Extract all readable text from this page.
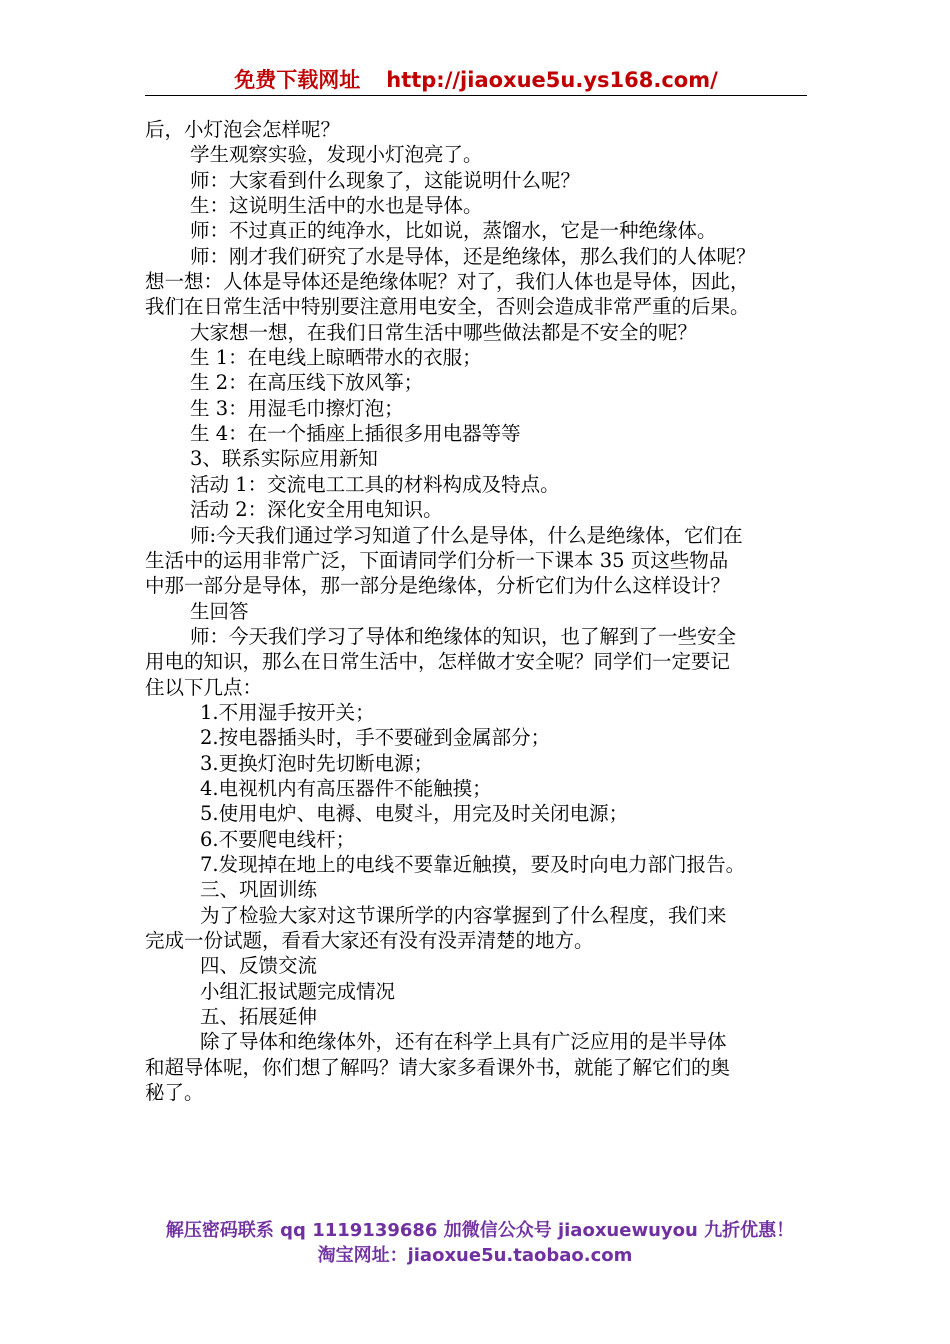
免费下载网址 http://jiaoxue5u.ys168.com/
后，小灯泡会怎样呢？
学生观察实验，发现小灯泡亮了。
师：大家看到什么现象了，这能说明什么呢？
生：这说明生活中的水也是导体。
师：不过真正的纯净水，比如说，蒸馏水，它是一种绝缘体。
师：刚才我们研究了水是导体，还是绝缘体，那么我们的人体呢？
想一想：人体是导体还是绝缘体呢？对了，我们人体也是导体，因此，
我们在日常生活中特别要注意用电安全，否则会造成非常严重的后果。
大家想一想，在我们日常生活中哪些做法都是不安全的呢？
生 1：在电线上晾晒带水的衣服；
生 2：在高压线下放风筝；
生 3：用湿毛巾擦灯泡；
生 4：在一个插座上插很多用电器等等
3、联系实际应用新知
活动 1：交流电工工具的材料构成及特点。
活动 2：深化安全用电知识。
师:今天我们通过学习知道了什么是导体，什么是绝缘体，它们在
生活中的运用非常广泛，下面请同学们分析一下课本 35 页这些物品
中那一部分是导体，那一部分是绝缘体，分析它们为什么这样设计？
生回答
师：今天我们学习了导体和绝缘体的知识，也了解到了一些安全
用电的知识，那么在日常生活中，怎样做才安全呢？同学们一定要记
住以下几点：
1.不用湿手按开关；
2.按电器插头时，手不要碰到金属部分；
3.更换灯泡时先切断电源；
4.电视机内有高压器件不能触摸；
5.使用电炉、电褥、电熨斗，用完及时关闭电源；
6.不要爬电线杆；
7.发现掉在地上的电线不要靠近触摸，要及时向电力部门报告。
三、巩固训练
为了检验大家对这节课所学的内容掌握到了什么程度，我们来
完成一份试题，看看大家还有没有没弄清楚的地方。
四、反馈交流
小组汇报试题完成情况
五、拓展延伸
除了导体和绝缘体外，还有在科学上具有广泛应用的是半导体
和超导体呢，你们想了解吗？请大家多看课外书，就能了解它们的奥
秘了。
解压密码联系 qq 1119139686 加微信公众号 jiaoxuewuyou 九折优惠！
淘宝网址：jiaoxue5u.taobao.com
